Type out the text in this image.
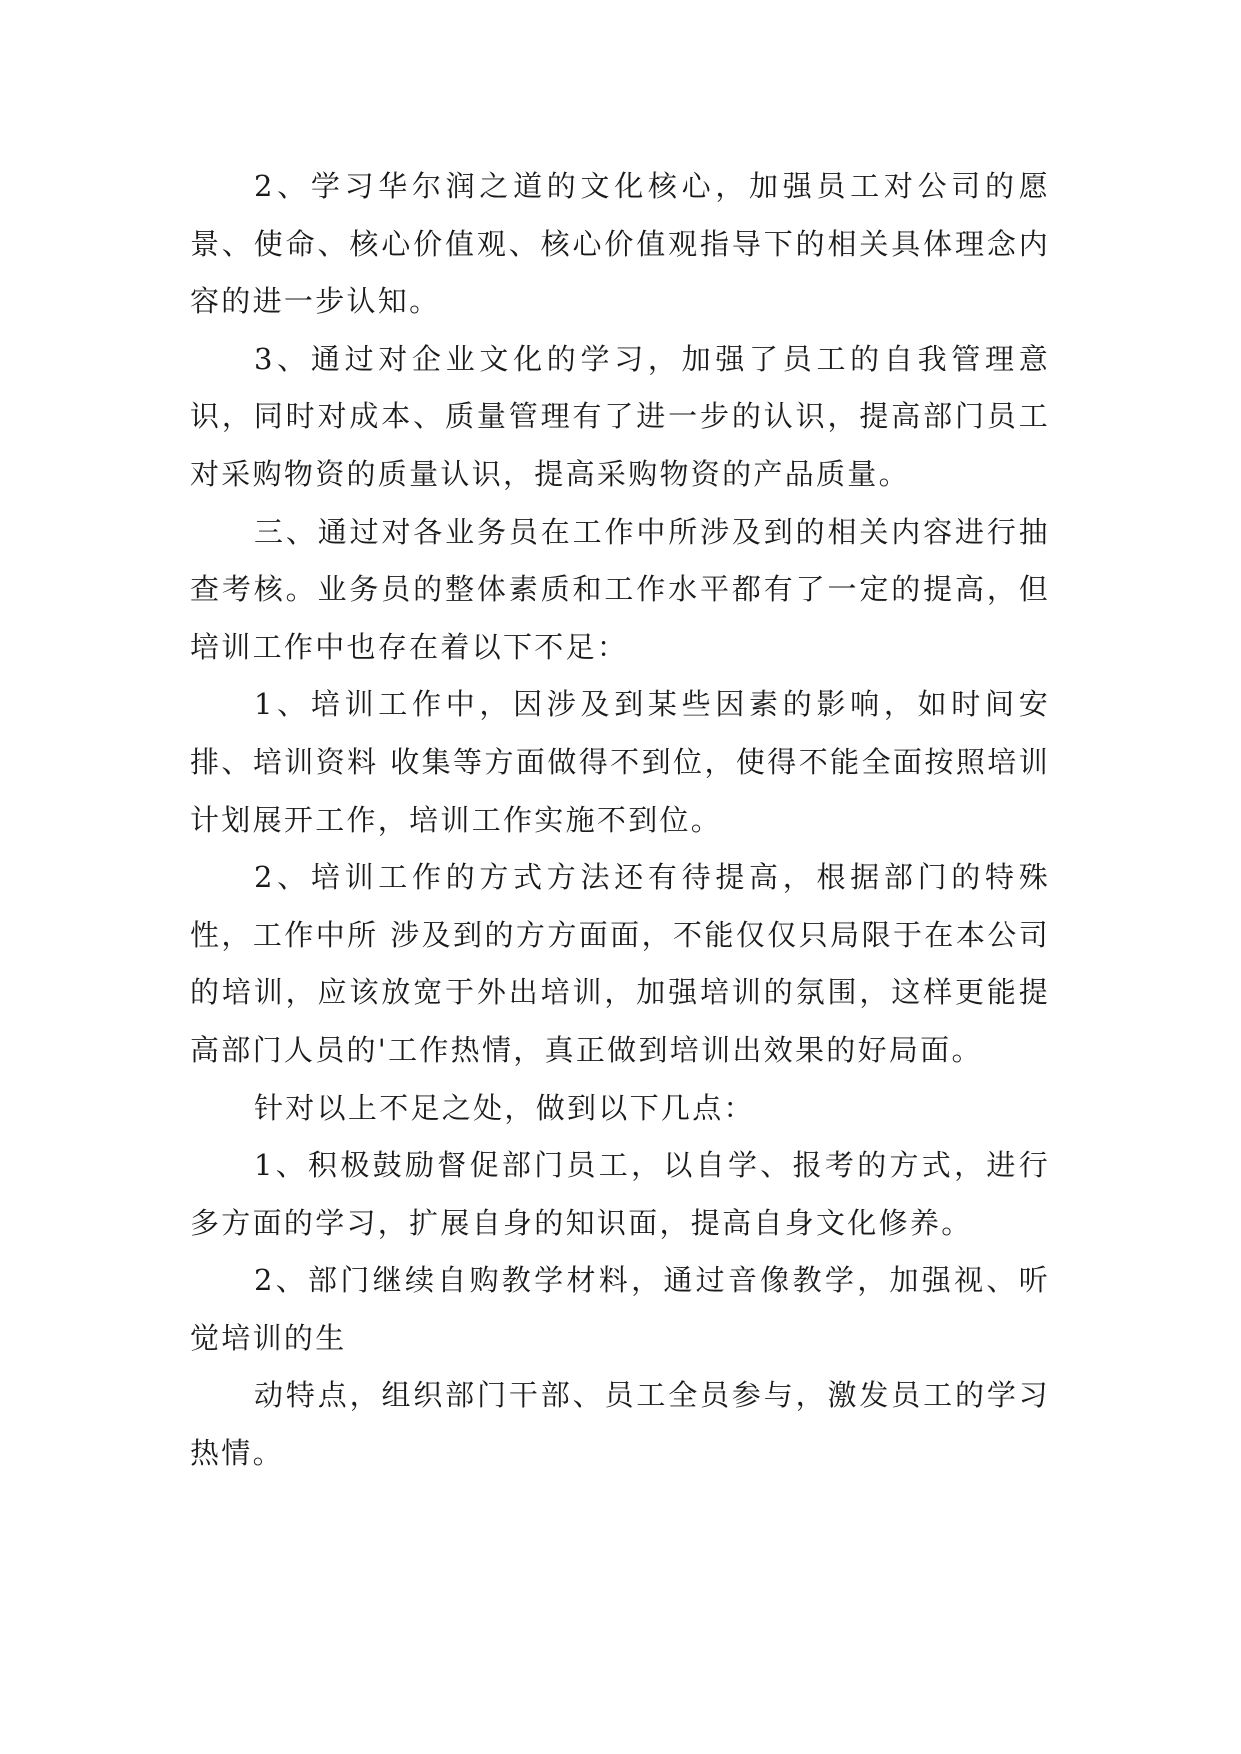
2、学习华尔润之道的文化核心，加强员工对公司的愿景、使命、核心价值观、核心价值观指导下的相关具体理念内容的进一步认知。

3、通过对企业文化的学习，加强了员工的自我管理意识，同时对成本、质量管理有了进一步的认识，提高部门员工对采购物资的质量认识，提高采购物资的产品质量。

三、通过对各业务员在工作中所涉及到的相关内容进行抽查考核。业务员的整体素质和工作水平都有了一定的提高，但培训工作中也存在着以下不足：

1、培训工作中，因涉及到某些因素的影响，如时间安排、培训资料 收集等方面做得不到位，使得不能全面按照培训计划展开工作，培训工作实施不到位。

2、培训工作的方式方法还有待提高，根据部门的特殊性，工作中所 涉及到的方方面面，不能仅仅只局限于在本公司的培训，应该放宽于外出培训，加强培训的氛围，这样更能提高部门人员的'工作热情，真正做到培训出效果的好局面。

针对以上不足之处，做到以下几点：

1、积极鼓励督促部门员工，以自学、报考的方式，进行多方面的学习，扩展自身的知识面，提高自身文化修养。

2、部门继续自购教学材料，通过音像教学，加强视、听觉培训的生

动特点，组织部门干部、员工全员参与，激发员工的学习热情。
